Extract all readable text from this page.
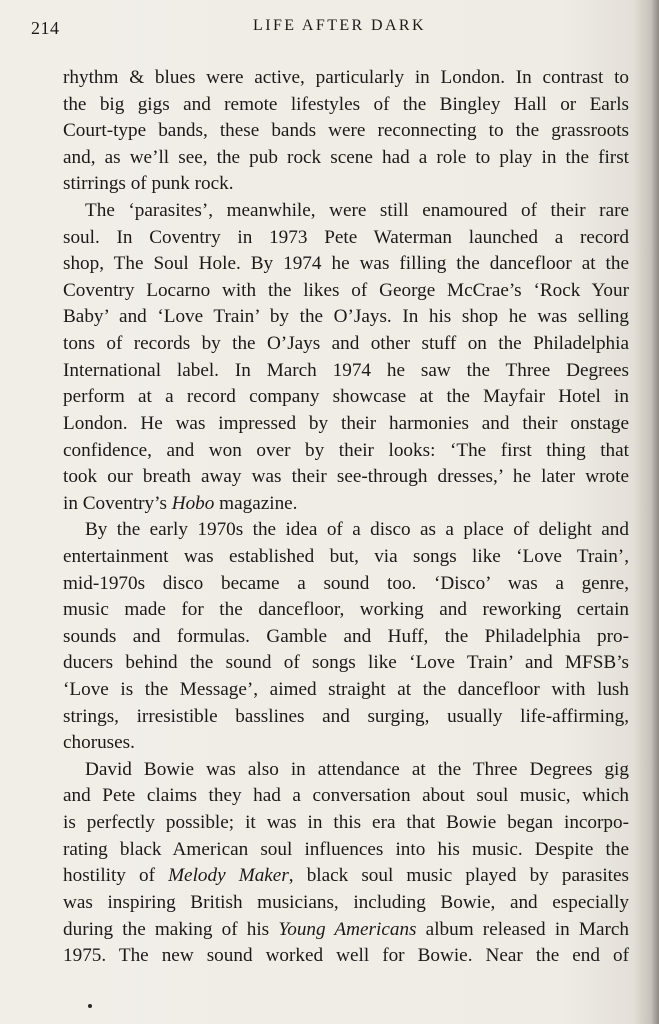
214	LIFE AFTER DARK
rhythm & blues were active, particularly in London. In contrast to
the big gigs and remote lifestyles of the Bingley Hall or Earls
Court-type bands, these bands were reconnecting to the grassroots
and, as we’ll see, the pub rock scene had a role to play in the first
stirrings of punk rock.
The ‘parasites’, meanwhile, were still enamoured of their rare
soul. In Coventry in 1973 Pete Waterman launched a record
shop, The Soul Hole. By 1974 he was filling the dancefloor at the
Coventry Locarno with the likes of George McCrae’s ‘Rock Your
Baby’ and ‘Love Train’ by the O’Jays. In his shop he was selling
tons of records by the O’Jays and other stuff on the Philadelphia
International label. In March 1974 he saw the Three Degrees
perform at a record company showcase at the Mayfair Hotel in
London. He was impressed by their harmonies and their onstage
confidence, and won over by their looks: ‘The first thing that
took our breath away was their see-through dresses,’ he later wrote
in Coventry’s Hobo magazine.
By the early 1970s the idea of a disco as a place of delight and
entertainment was established but, via songs like ‘Love Train’,
mid-1970s disco became a sound too. ‘Disco’ was a genre,
music made for the dancefloor, working and reworking certain
sounds and formulas. Gamble and Huff, the Philadelphia pro-
ducers behind the sound of songs like ‘Love Train’ and MFSB’s
‘Love is the Message’, aimed straight at the dancefloor with lush
strings, irresistible basslines and surging, usually life-affirming,
choruses.
David Bowie was also in attendance at the Three Degrees gig
and Pete claims they had a conversation about soul music, which
is perfectly possible; it was in this era that Bowie began incorpo-
rating black American soul influences into his music. Despite the
hostility of Melody Maker, black soul music played by parasites
was inspiring British musicians, including Bowie, and especially
during the making of his Young Americans album released in March
1975. The new sound worked well for Bowie. Near the end of
